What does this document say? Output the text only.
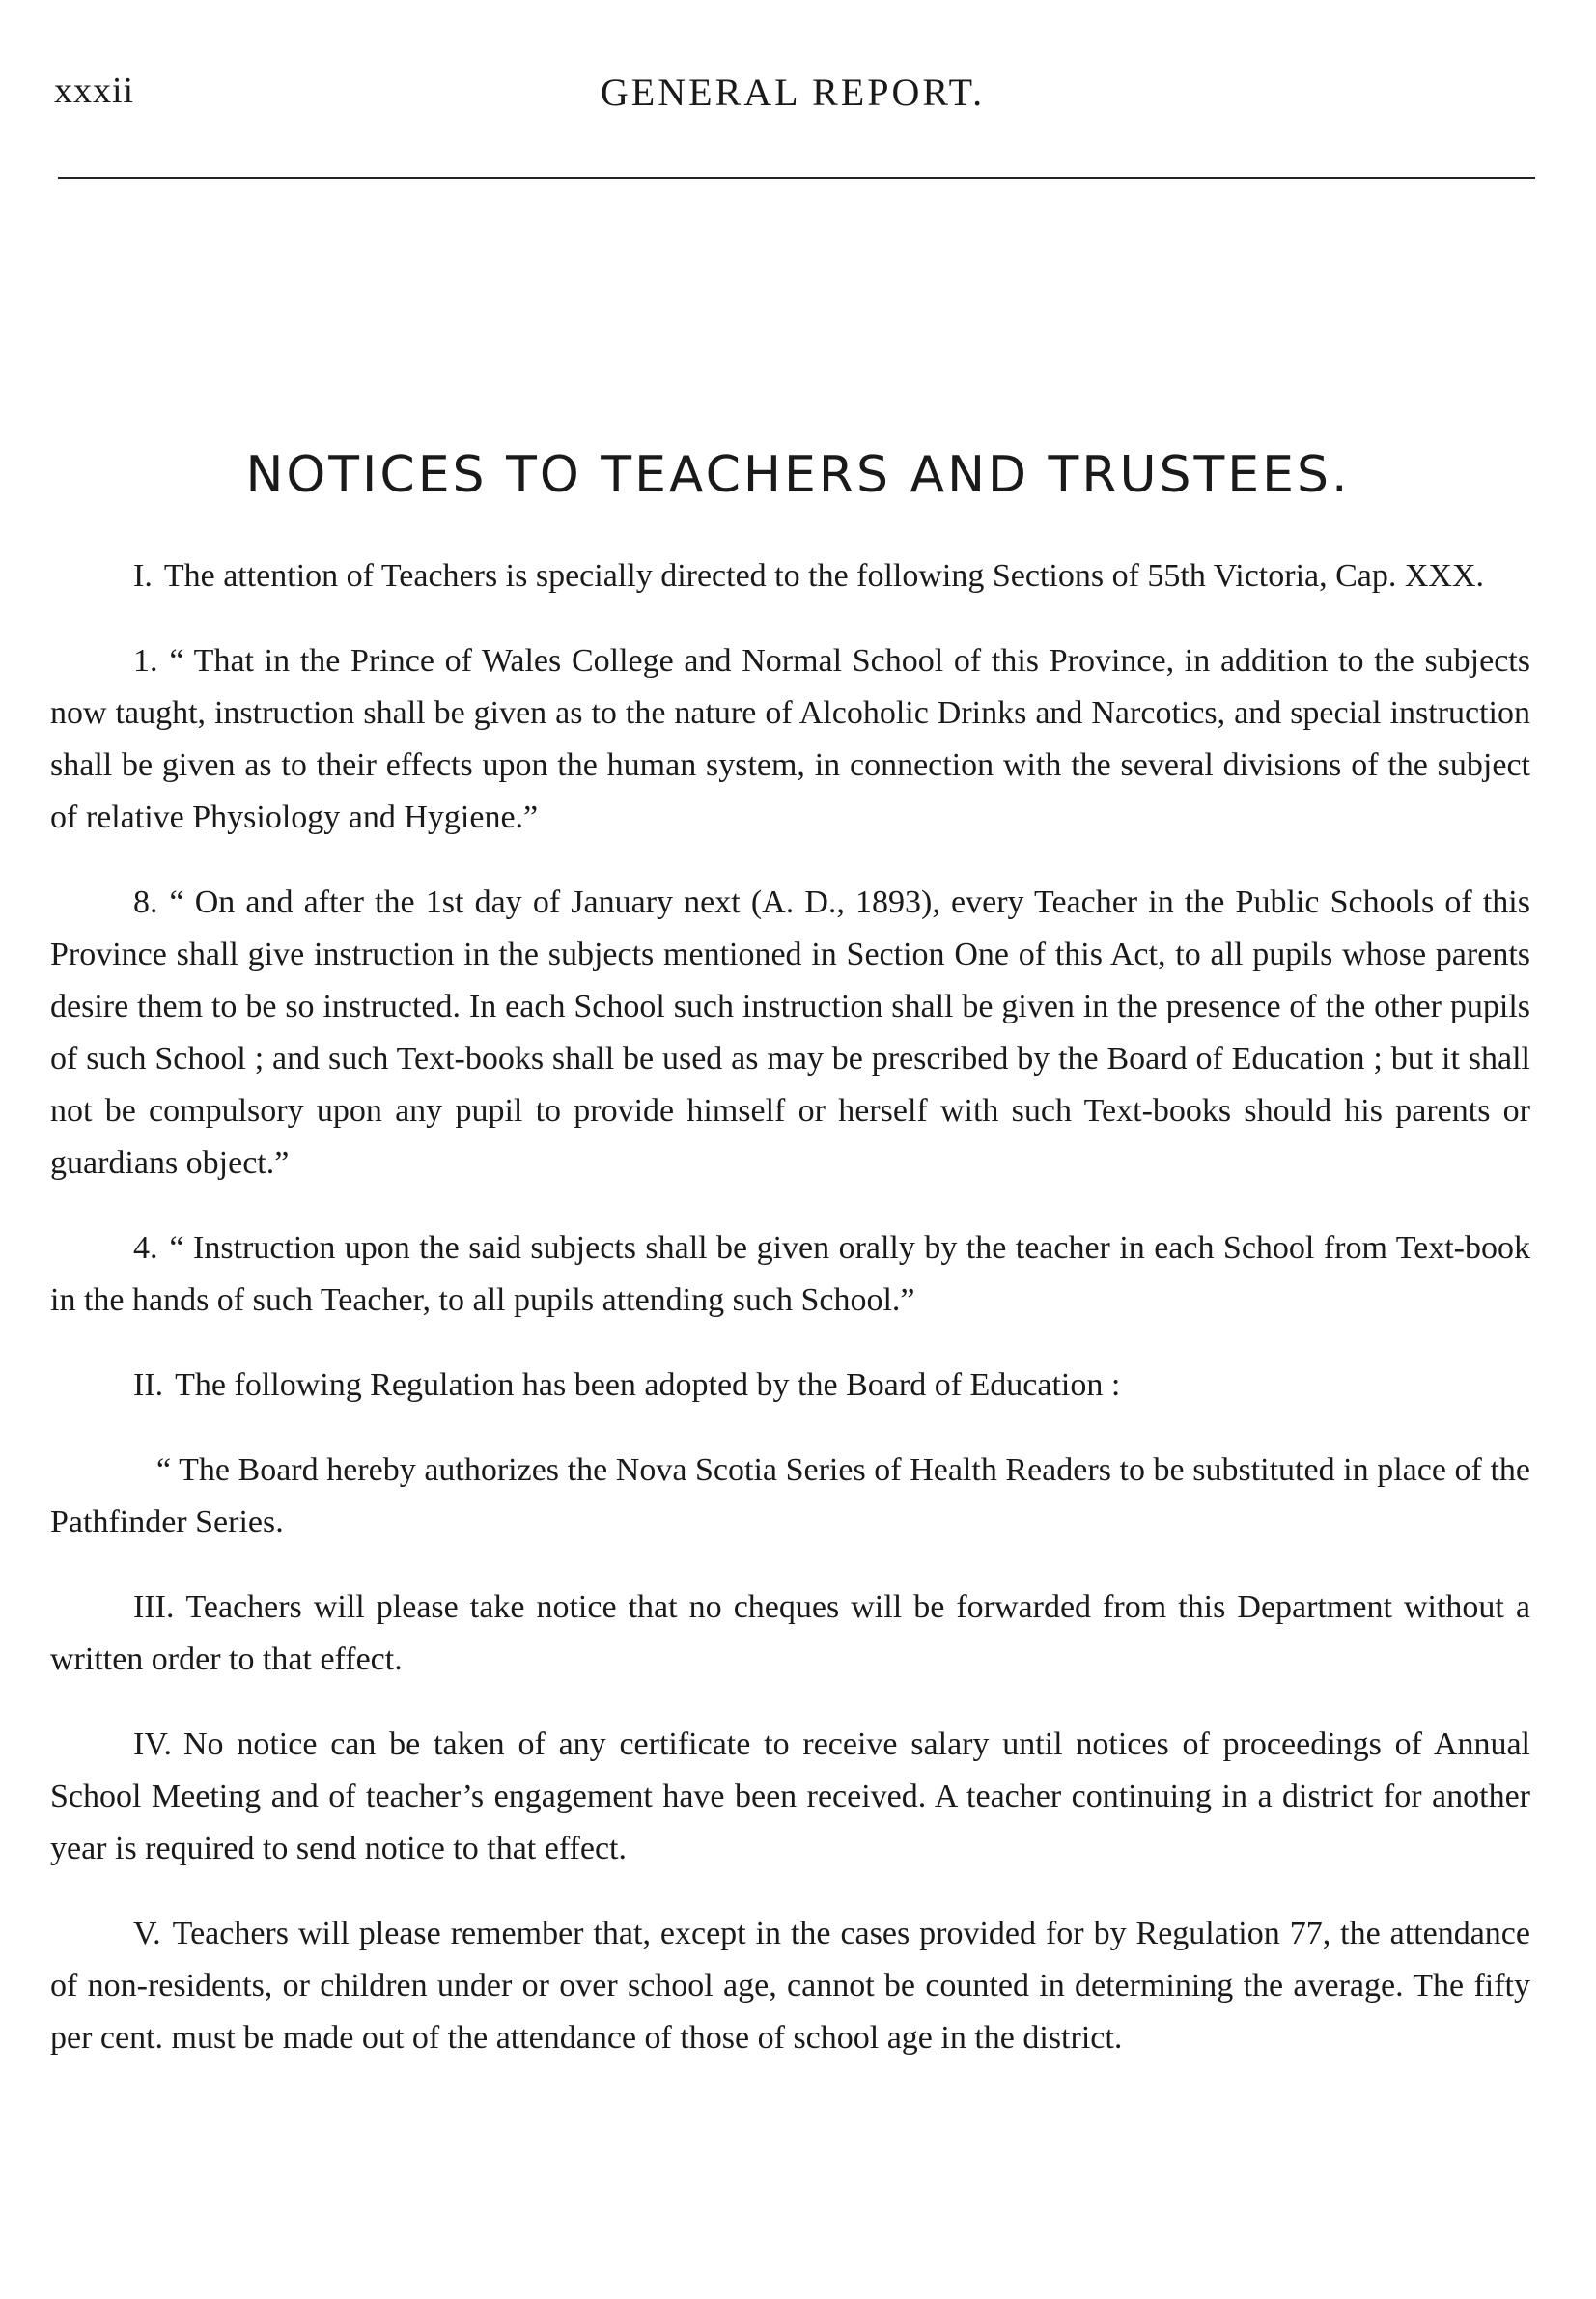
xxxii	GENERAL REPORT.
NOTICES TO TEACHERS AND TRUSTEES.

I. The attention of Teachers is specially directed to the following Sections of 55th Victoria, Cap. XXX.

1. “ That in the Prince of Wales College and Normal School of this Province, in addition to the subjects now taught, instruction shall be given as to the nature of Alcoholic Drinks and Narcotics, and special instruction shall be given as to their effects upon the human system, in connection with the several divisions of the subject of relative Physiology and Hygiene.”

8. “ On and after the 1st day of January next (A. D., 1893), every Teacher in the Public Schools of this Province shall give instruction in the subjects mentioned in Section One of this Act, to all pupils whose parents desire them to be so instructed. In each School such instruction shall be given in the presence of the other pupils of such School ; and such Text-books shall be used as may be prescribed by the Board of Education ; but it shall not be compulsory upon any pupil to provide himself or herself with such Text-books should his parents or guardians object.”

4. “ Instruction upon the said subjects shall be given orally by the teacher in each School from Text-book in the hands of such Teacher, to all pupils attending such School.”

II. The following Regulation has been adopted by the Board of Education :

“ The Board hereby authorizes the Nova Scotia Series of Health Readers to be substituted in place of the Pathfinder Series.

III. Teachers will please take notice that no cheques will be forwarded from this Department without a written order to that effect.

IV. No notice can be taken of any certificate to receive salary until notices of proceedings of Annual School Meeting and of teacher’s engagement have been received. A teacher continuing in a district for another year is required to send notice to that effect.

V. Teachers will please remember that, except in the cases provided for by Regulation 77, the attendance of non-residents, or children under or over school age, cannot be counted in determining the average. The fifty per cent. must be made out of the attendance of those of school age in the district.
